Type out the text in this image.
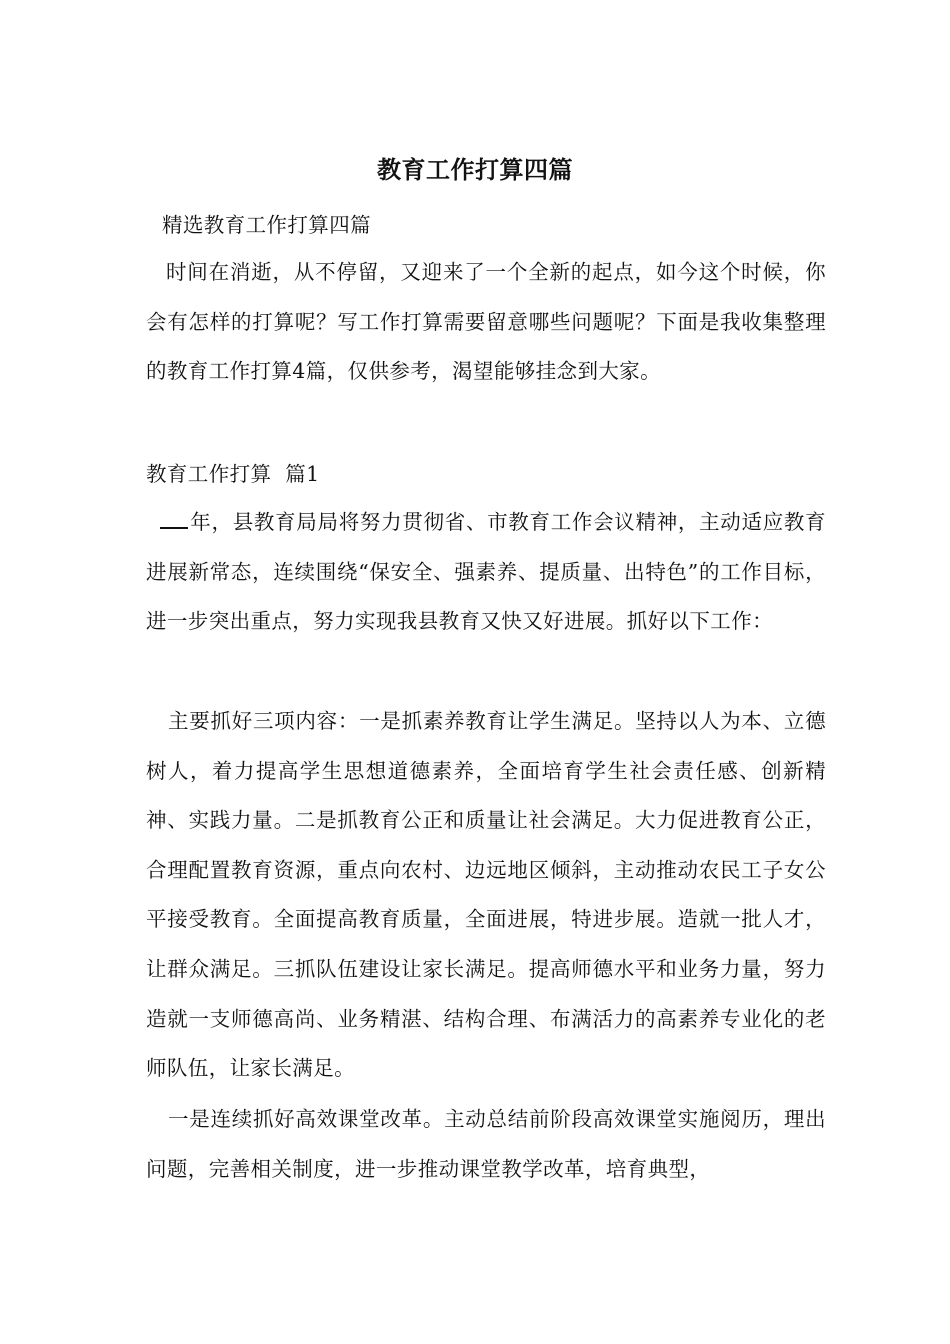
教育工作打算四篇
精选教育工作打算四篇
时间在消逝，从不停留，又迎来了一个全新的起点，如今这个时候，你会有怎样的打算呢？写工作打算需要留意哪些问题呢？下面是我收集整理的教育工作打算4篇，仅供参考，渴望能够挂念到大家。
教育工作打算  篇1
年，县教育局局将努力贯彻省、市教育工作会议精神，主动适应教育进展新常态，连续围绕“保安全、强素养、提质量、出特色”的工作目标，进一步突出重点，努力实现我县教育又快又好进展。抓好以下工作：
主要抓好三项内容：一是抓素养教育让学生满足。坚持以人为本、立德树人，着力提高学生思想道德素养，全面培育学生社会责任感、创新精神、实践力量。二是抓教育公正和质量让社会满足。大力促进教育公正，合理配置教育资源，重点向农村、边远地区倾斜，主动推动农民工子女公平接受教育。全面提高教育质量，全面进展，特进步展。造就一批人才，让群众满足。三抓队伍建设让家长满足。提高师德水平和业务力量，努力造就一支师德高尚、业务精湛、结构合理、布满活力的高素养专业化的老师队伍，让家长满足。
一是连续抓好高效课堂改革。主动总结前阶段高效课堂实施阅历，理出问题，完善相关制度，进一步推动课堂教学改革，培育典型，
